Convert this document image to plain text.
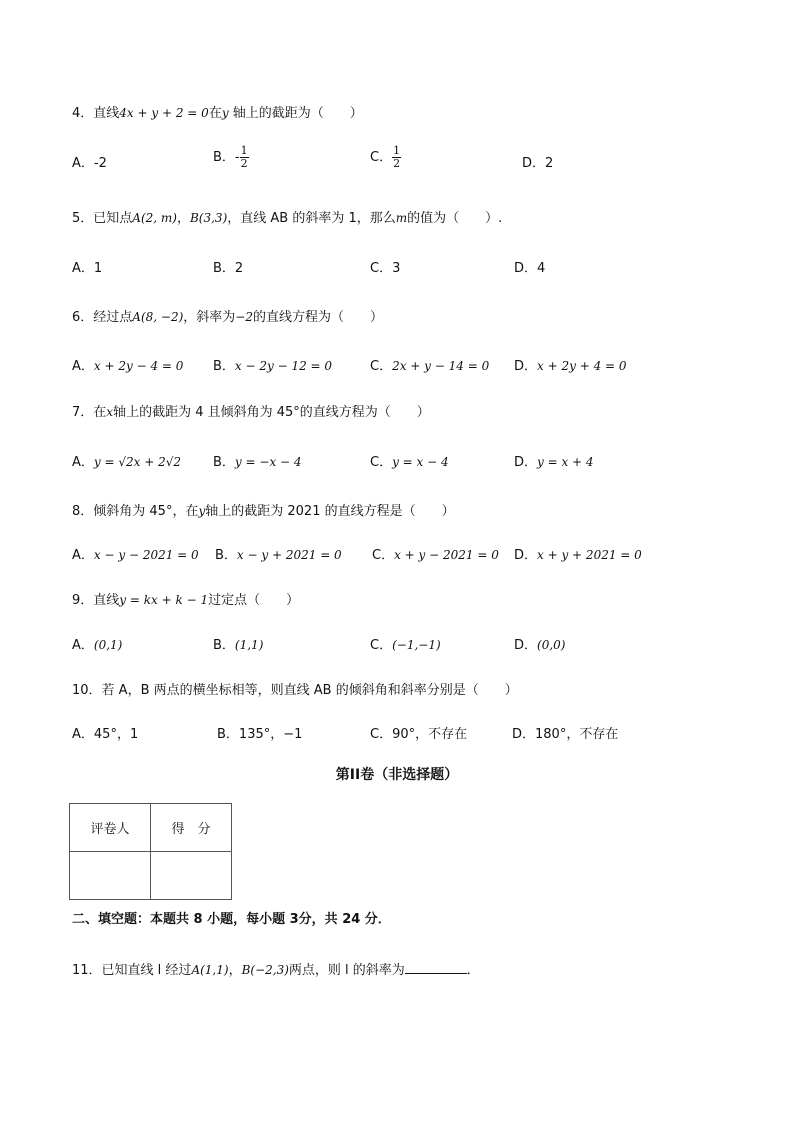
4．直线4x + y + 2 = 0在y 轴上的截距为（　　）
A．-2	B．- $\frac{1}{2}$	C． $\frac{1}{2}$	D．2
5．已知点A(2, m)，B(3,3)，直线 AB 的斜率为 1，那么m的值为（　　）.
A．1	B．2	C．3	D．4
6．经过点A(8, −2)，斜率为−2的直线方程为（　　）
A．x + 2y − 4 = 0 B．x − 2y − 12 = 0	C．2x + y − 14 = 0 D．x + 2y + 4 = 0
7．在x轴上的截距为 4 且倾斜角为 45°的直线方程为（　　）
A．y = √2x + 2√2 B．y = −x − 4	C．y = x − 4	D．y = x + 4
8．倾斜角为 45°，在y轴上的截距为 2021 的直线方程是（　　）
A．x − y − 2021 = 0 B．x − y + 2021 = 0 C．x + y − 2021 = 0 D．x + y + 2021 = 0
9．直线y = kx + k − 1过定点（　　）
A．(0,1)	B．(1,1)	C．(−1,−1)	D．(0,0)
10．若 A，B 两点的横坐标相等，则直线 AB 的倾斜角和斜率分别是（　　）
A．45°，1	B．135°，−1	C．90°，不存在	D．180°，不存在
第II卷（非选择题）
评卷人	得　分

二、填空题：本题共 8 小题，每小题 3分，共 24 分．
11．已知直线 l 经过A(1,1)，B(−2,3)两点，则 l 的斜率为	．
